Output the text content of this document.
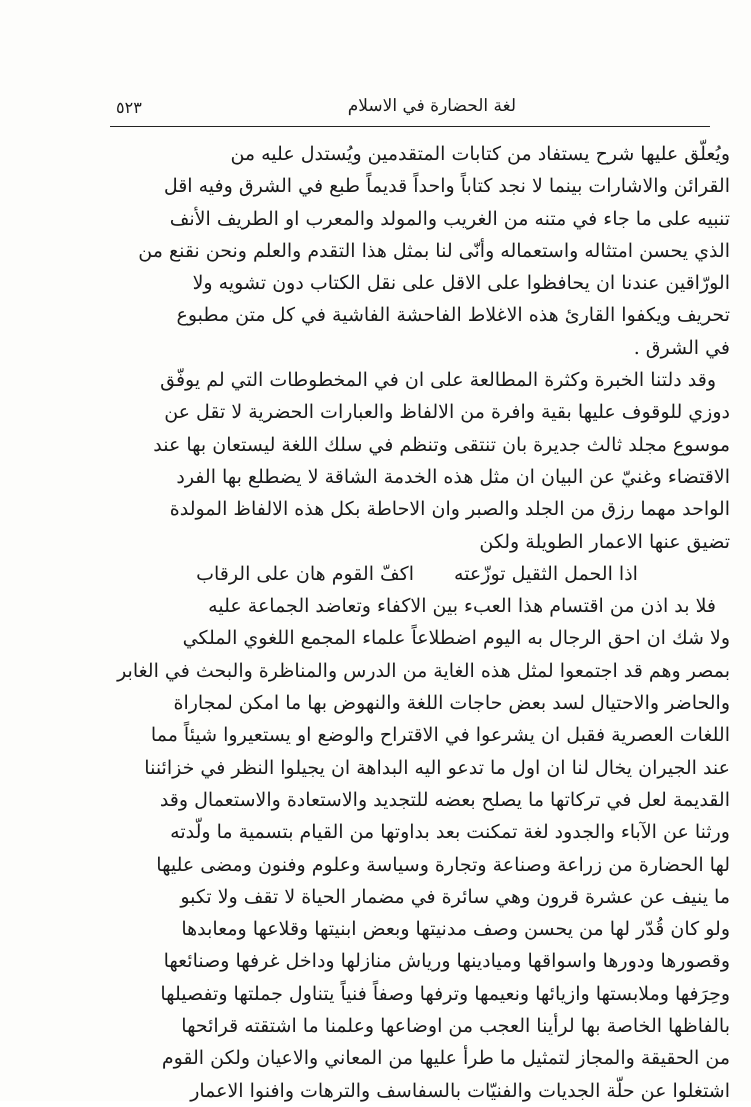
لغة الحضارة في الاسلام
٥٢٣
ويُعلّق عليها شرح يستفاد من كتابات المتقدمين ويُستدل عليه من
القرائن والاشارات بينما لا نجد كتاباً واحداً قديماً طبع في الشرق وفيه اقل
تنبيه على ما جاء في متنه من الغريب والمولد والمعرب او الطريف الأنف
الذي يحسن امتثاله واستعماله وأنّى لنا بمثل هذا التقدم والعلم ونحن نقنع من
الورّاقين عندنا ان يحافظوا على الاقل على نقل الكتاب دون تشويه ولا
تحريف ويكفوا القارئ هذه الاغلاط الفاحشة الفاشية في كل متن مطبوع
في الشرق .
وقد دلتنا الخبرة وكثرة المطالعة على ان في المخطوطات التي لم يوفّق
دوزي للوقوف عليها بقية وافرة من الالفاظ والعبارات الحضرية لا تقل عن
موسوع مجلد ثالث جديرة بان تنتقى وتنظم في سلك اللغة ليستعان بها عند
الاقتضاء وغنيّ عن البيان ان مثل هذه الخدمة الشاقة لا يضطلع بها الفرد
الواحد مهما رزق من الجلد والصبر وان الاحاطة بكل هذه الالفاظ المولدة
تضيق عنها الاعمار الطويلة ولكن
اذا الحمل الثقيل توزّعته
اكفّ القوم هان على الرقاب
فلا بد اذن من اقتسام هذا العبء بين الاكفاء وتعاضد الجماعة عليه
ولا شك ان احق الرجال به اليوم اضطلاعاً علماء المجمع اللغوي الملكي
بمصر وهم قد اجتمعوا لمثل هذه الغاية من الدرس والمناظرة والبحث في الغابر
والحاضر والاحتيال لسد بعض حاجات اللغة والنهوض بها ما امكن لمجاراة
اللغات العصرية فقبل ان يشرعوا في الاقتراح والوضع او يستعيروا شيئاً مما
عند الجيران يخال لنا ان اول ما تدعو اليه البداهة ان يجيلوا النظر في خزائننا
القديمة لعل في تركاتها ما يصلح بعضه للتجديد والاستعادة والاستعمال وقد
ورثنا عن الآباء والجدود لغة تمكنت بعد بداوتها من القيام بتسمية ما ولّدته
لها الحضارة من زراعة وصناعة وتجارة وسياسة وعلوم وفنون ومضى عليها
ما ينيف عن عشرة قرون وهي سائرة في مضمار الحياة لا تقف ولا تكبو
ولو كان قُدّر لها من يحسن وصف مدنيتها وبعض ابنيتها وقلاعها ومعابدها
وقصورها ودورها واسواقها وميادينها ورياش منازلها وداخل غرفها وصنائعها
وحِرَفها وملابستها وازيائها ونعيمها وترفها وصفاً فنياً يتناول جملتها وتفصيلها
بالفاظها الخاصة بها لرأينا العجب من اوضاعها وعلمنا ما اشتقته قرائحها
من الحقيقة والمجاز لتمثيل ما طرأ عليها من المعاني والاعيان ولكن القوم
اشتغلوا عن حلّة الجديات والفنيّات بالسفاسف والترهات وافنوا الاعمار
